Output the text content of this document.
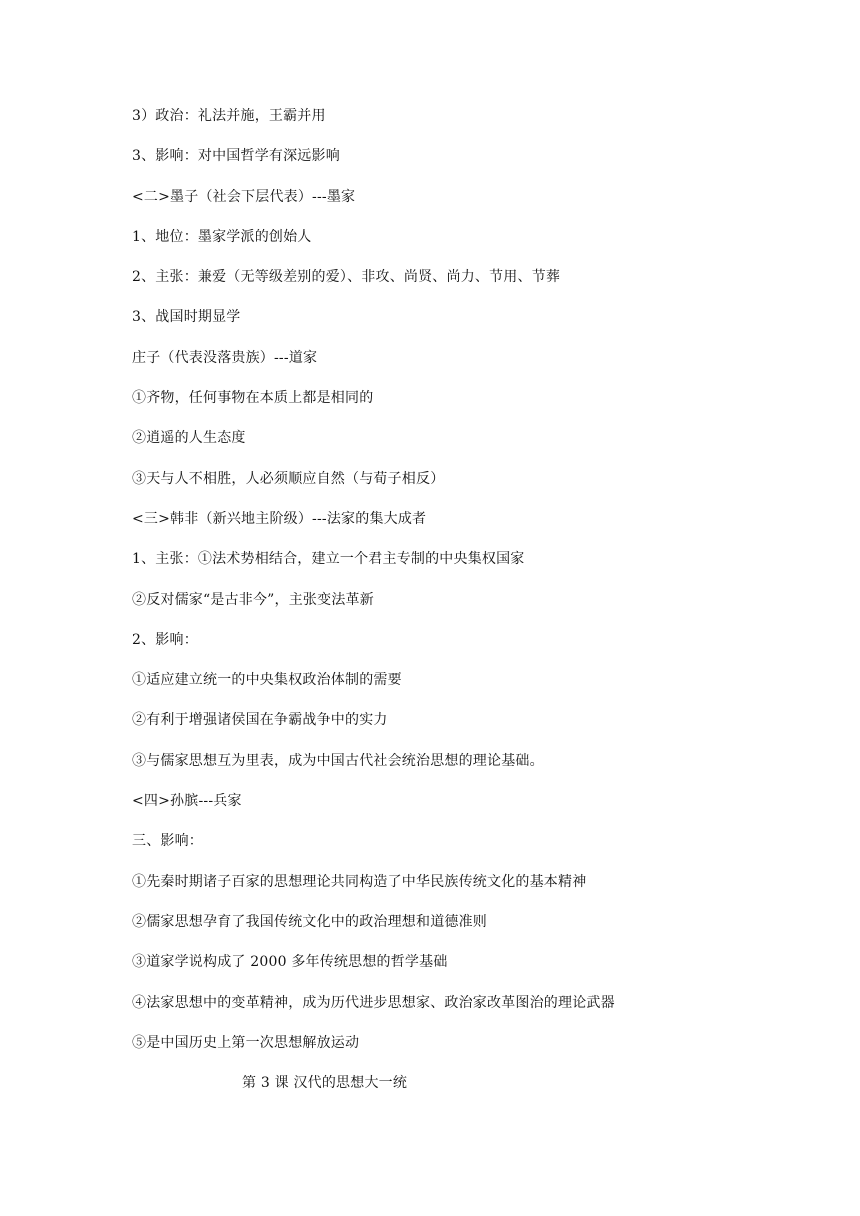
3）政治：礼法并施，王霸并用
3、影响：对中国哲学有深远影响
<二>墨子（社会下层代表）---墨家
1、地位：墨家学派的创始人
2、主张：兼爱（无等级差别的爱）、非攻、尚贤、尚力、节用、节葬
3、战国时期显学
庄子（代表没落贵族）---道家
①齐物，任何事物在本质上都是相同的
②逍遥的人生态度
③天与人不相胜，人必须顺应自然（与荀子相反）
<三>韩非（新兴地主阶级）---法家的集大成者
1、主张：①法术势相结合，建立一个君主专制的中央集权国家
②反对儒家“是古非今”，主张变法革新
2、影响：
①适应建立统一的中央集权政治体制的需要
②有利于增强诸侯国在争霸战争中的实力
③与儒家思想互为里表，成为中国古代社会统治思想的理论基础。
<四>孙膑---兵家
三、影响：
①先秦时期诸子百家的思想理论共同构造了中华民族传统文化的基本精神
②儒家思想孕育了我国传统文化中的政治理想和道德准则
③道家学说构成了 2000 多年传统思想的哲学基础
④法家思想中的变革精神，成为历代进步思想家、政治家改革图治的理论武器
⑤是中国历史上第一次思想解放运动
第 3 课 汉代的思想大一统
